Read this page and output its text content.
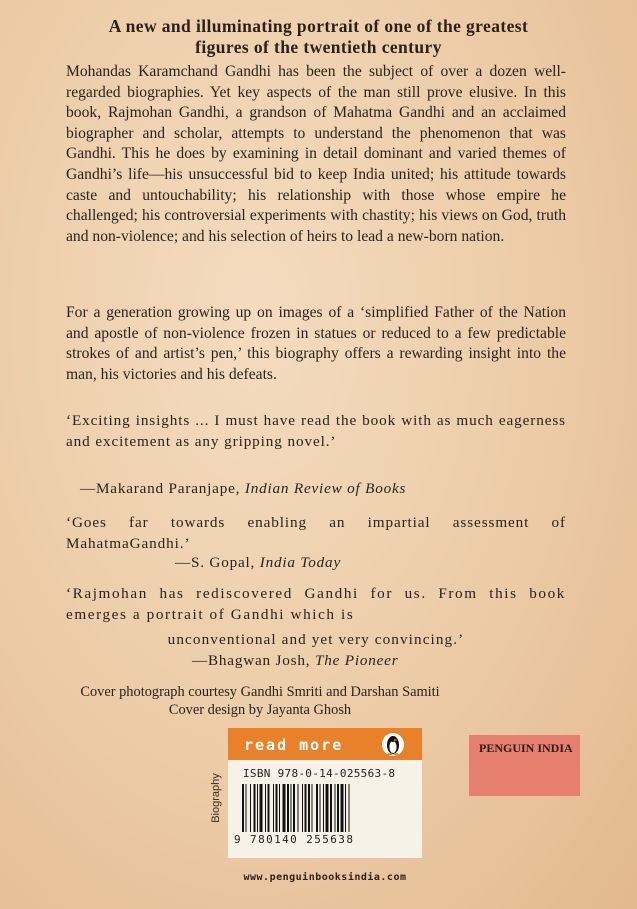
A new and illuminating portrait of one of the greatest
figures of the twentieth century

Mohandas Karamchand Gandhi has been the subject of over a dozen well-regarded biographies. Yet key aspects of the man still prove elusive. In this book, Rajmohan Gandhi, a grandson of Mahatma Gandhi and an acclaimed biographer and scholar, attempts to understand the phenomenon that was Gandhi. This he does by examining in detail dominant and varied themes of Gandhi’s life—his unsuccessful bid to keep India united; his attitude towards caste and untouchability; his relationship with those whose empire he challenged; his controversial experiments with chastity; his views on God, truth and non-violence; and his selection of heirs to lead a new-born nation.

For a generation growing up on images of a ‘simplified Father of the Nation and apostle of non-violence frozen in statues or reduced to a few predictable strokes of and artist’s pen,’ this biography offers a rewarding insight into the man, his victories and his defeats.

‘Exciting insights ... I must have read the book with as much eagerness and excitement as any gripping novel.’

—Makarand Paranjape, Indian Review of Books

‘Goes far towards enabling an impartial assessment of MahatmaGandhi.’

—S. Gopal, India Today

‘Rajmohan has rediscovered Gandhi for us. From this book emerges a portrait of Gandhi which is

unconventional and yet very convincing.’
—Bhagwan Josh, The Pioneer
Cover photograph courtesy Gandhi Smriti and Darshan Samiti
Cover design by Jayanta Ghosh
Biography
read more
ISBN 978-0-14-025563-8
9 780140 255638
PENGUIN INDIA
www.penguinbooksindia.com
